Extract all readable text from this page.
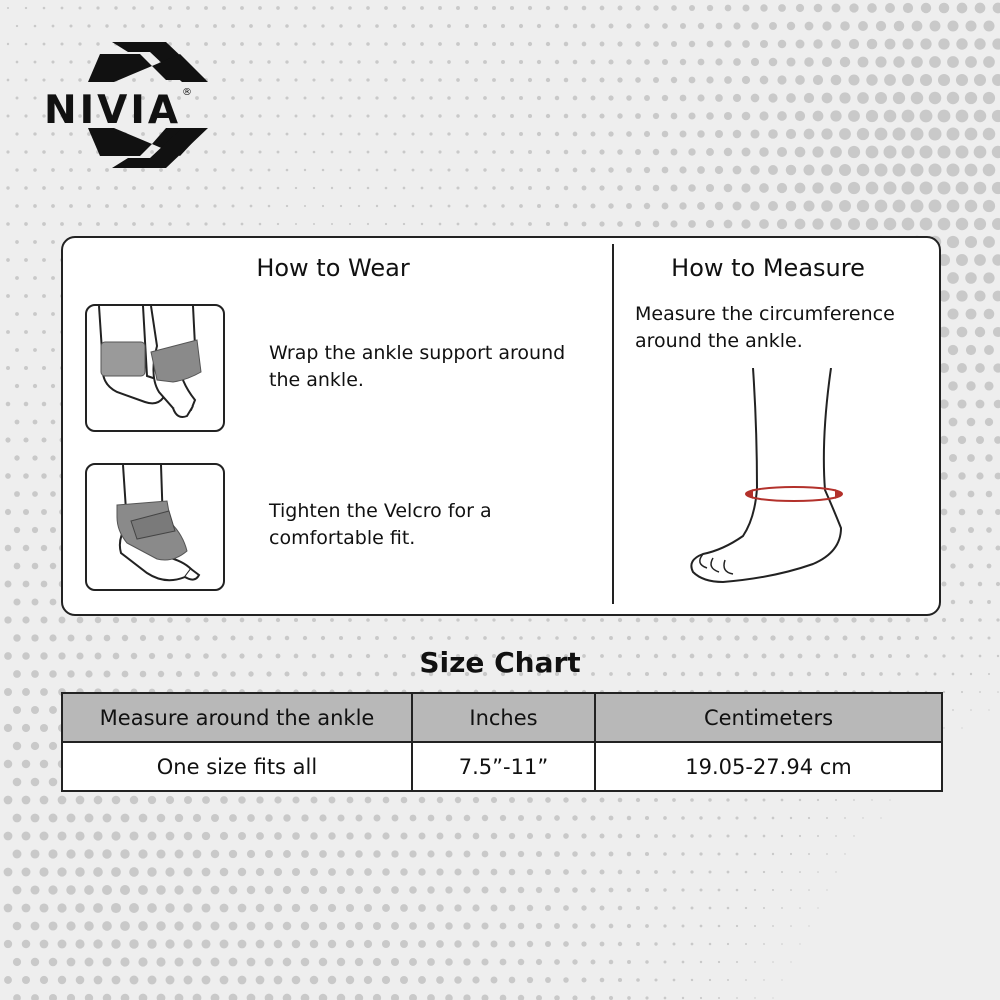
NIVIA®
How to Wear
Wrap the ankle support around the ankle.
Tighten the Velcro for a comfortable fit.
How to Measure
Measure the circumference around the ankle.
Size Chart
Measure around the ankle	Inches	Centimeters
One size fits all	7.5”-11”	19.05-27.94 cm
